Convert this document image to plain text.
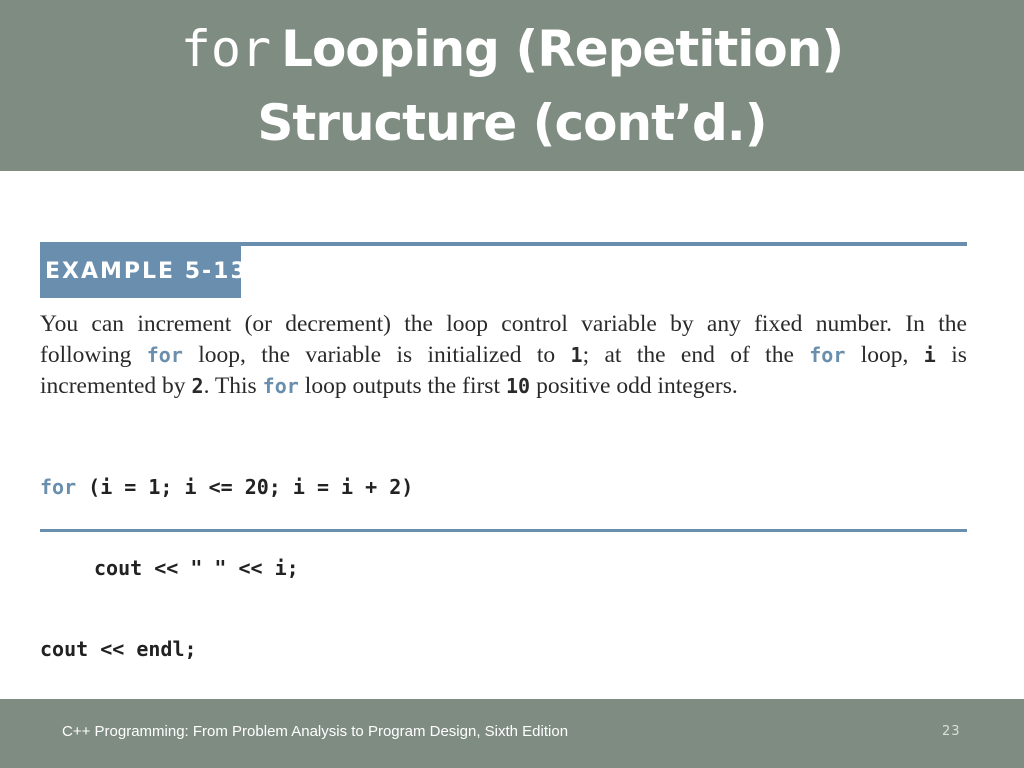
for Looping (Repetition)
Structure (cont’d.)
EXAMPLE 5-13
You can increment (or decrement) the loop control variable by any fixed number. In the
following for loop, the variable is initialized to 1; at the end of the for loop, i is
incremented by 2. This for loop outputs the first 10 positive odd integers.

for (i = 1; i <= 20; i = i + 2)

cout << " " << i;

cout << endl;

C++ Programming: From Problem Analysis to Program Design, Sixth Edition	23
